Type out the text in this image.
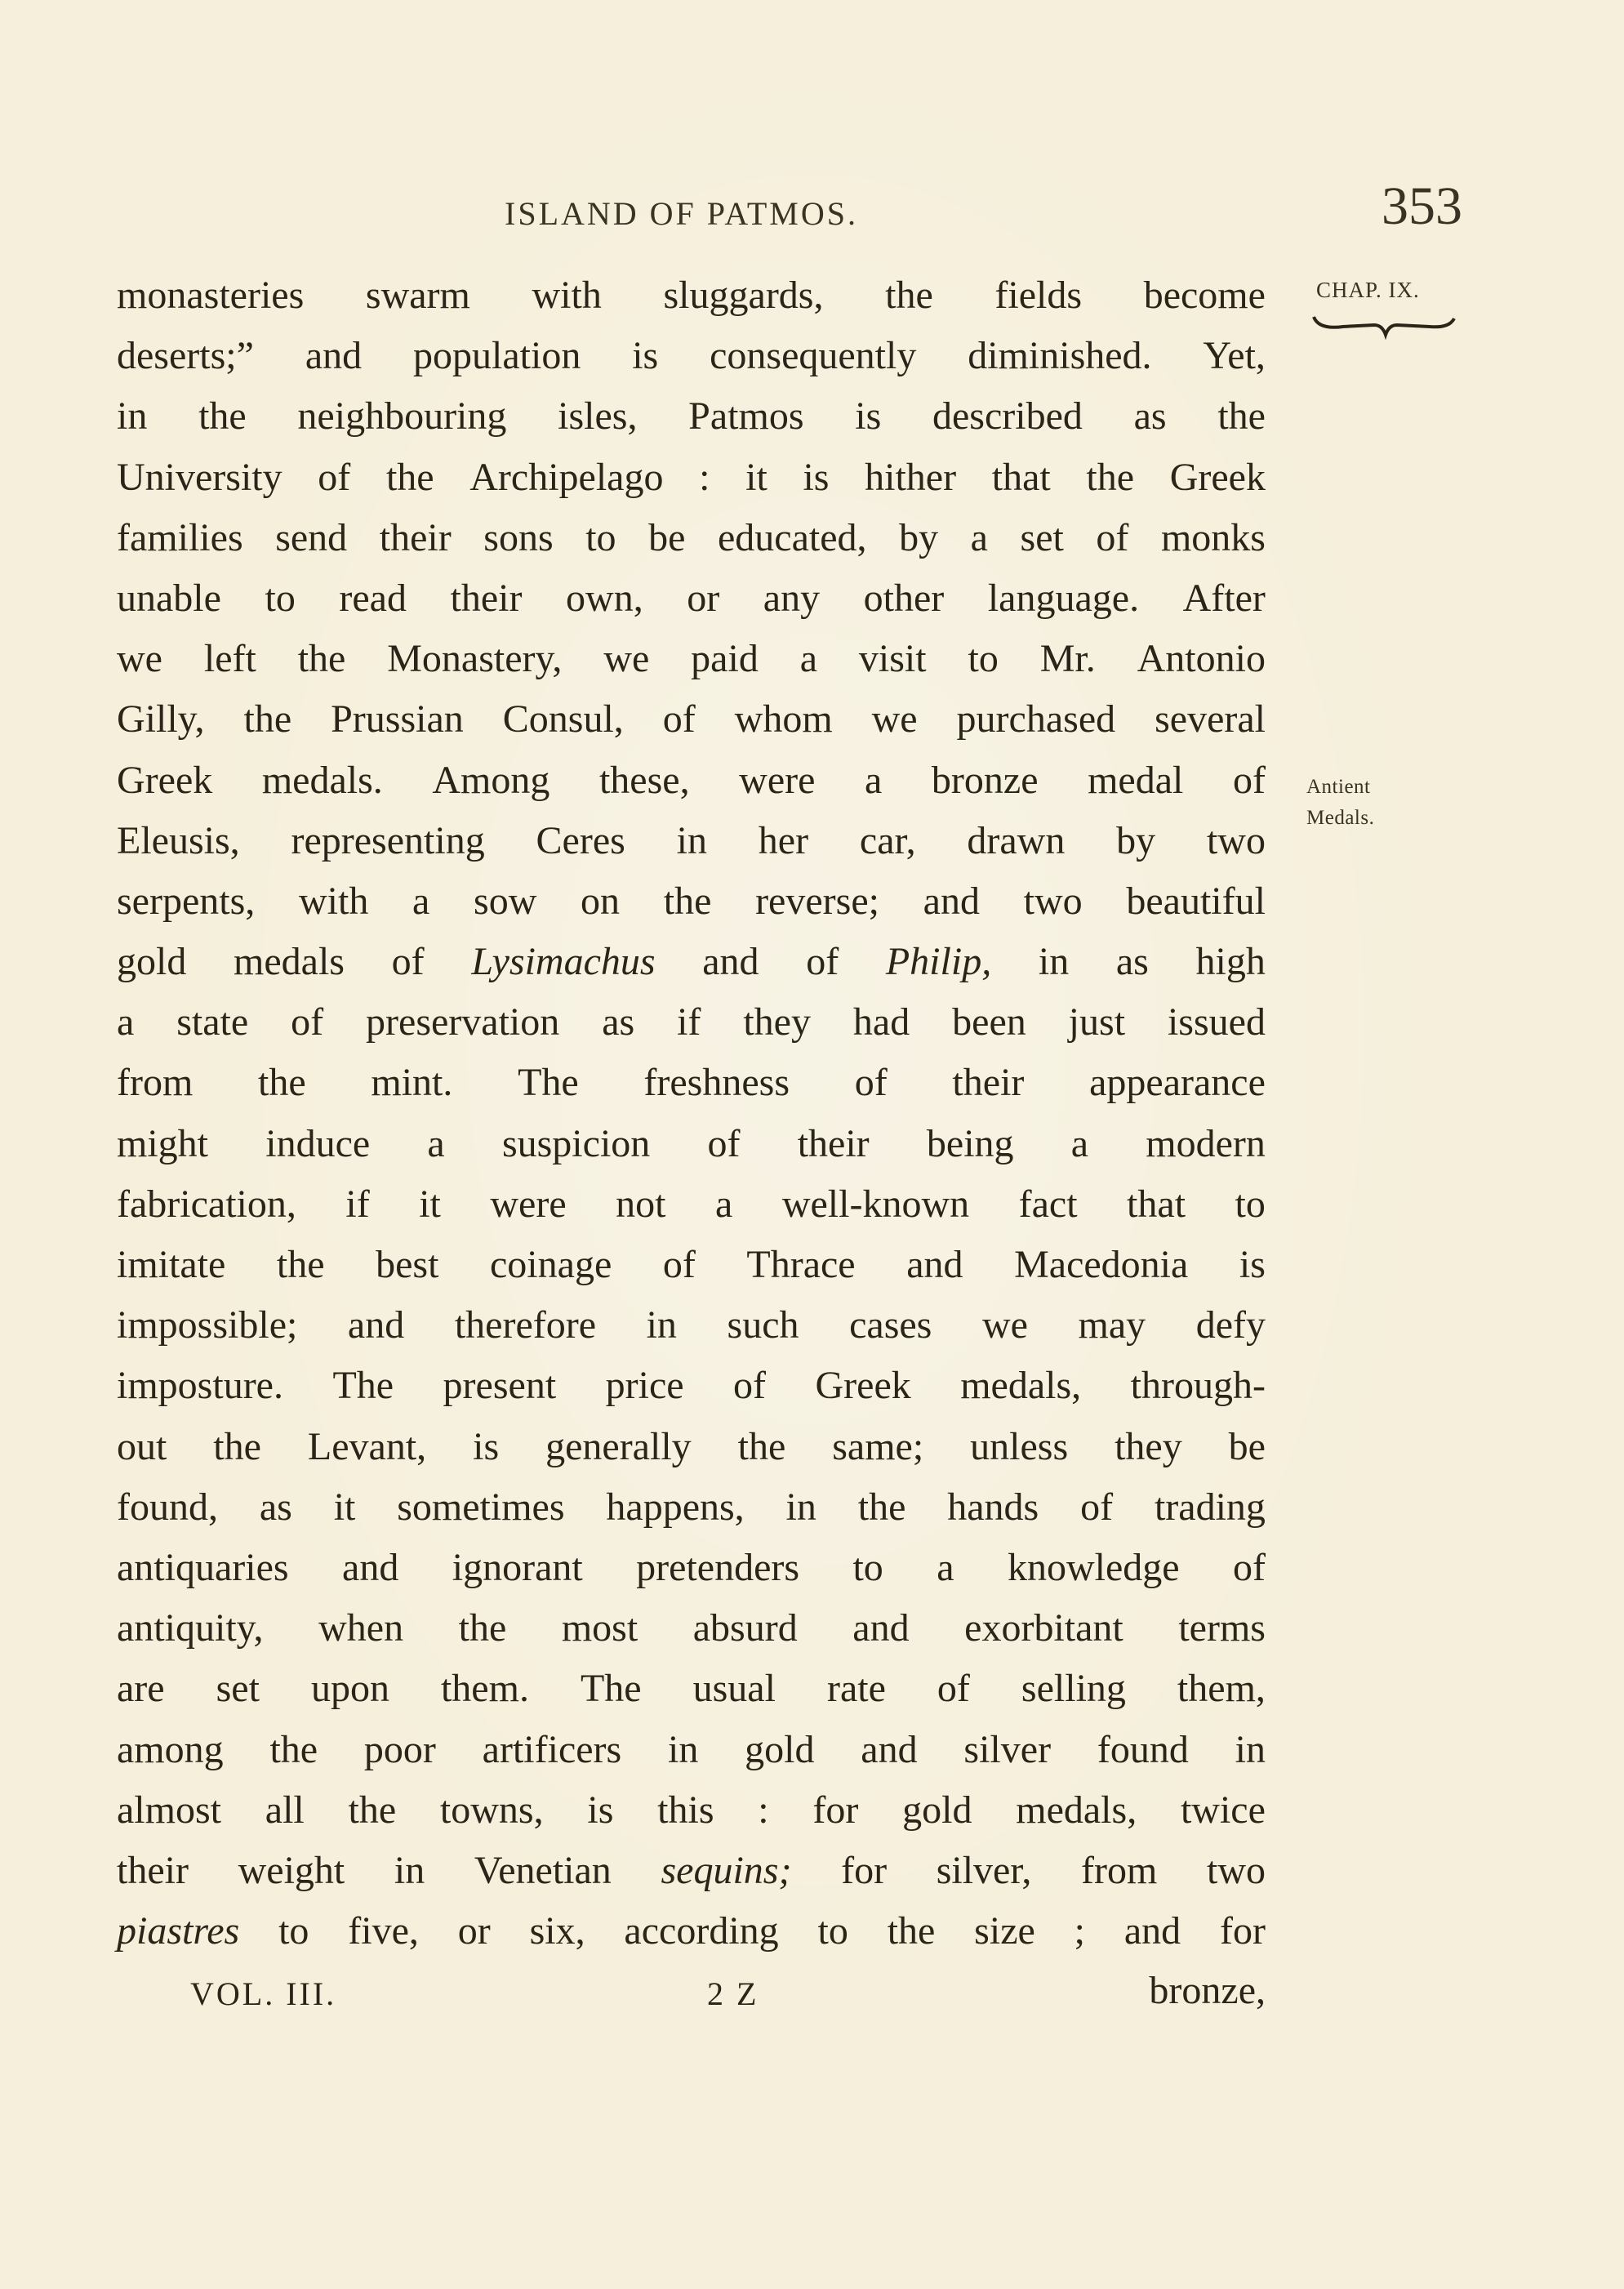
ISLAND OF PATMOS.	353
CHAP. IX.
Antient
Medals.
monasteries swarm with sluggards, the fields become
deserts;” and population is consequently diminished. Yet,
in the neighbouring isles, Patmos is described as the
University of the Archipelago : it is hither that the Greek
families send their sons to be educated, by a set of monks
unable to read their own, or any other language. After
we left the Monastery, we paid a visit to Mr. Antonio
Gilly, the Prussian Consul, of whom we purchased several
Greek medals. Among these, were a bronze medal of
Eleusis, representing Ceres in her car, drawn by two
serpents, with a sow on the reverse; and two beautiful
gold medals of Lysimachus and of Philip, in as high
a state of preservation as if they had been just issued
from the mint. The freshness of their appearance
might induce a suspicion of their being a modern
fabrication, if it were not a well-known fact that to
imitate the best coinage of Thrace and Macedonia is
impossible; and therefore in such cases we may defy
imposture. The present price of Greek medals, through-
out the Levant, is generally the same; unless they be
found, as it sometimes happens, in the hands of trading
antiquaries and ignorant pretenders to a knowledge of
antiquity, when the most absurd and exorbitant terms
are set upon them. The usual rate of selling them,
among the poor artificers in gold and silver found in
almost all the towns, is this : for gold medals, twice
their weight in Venetian sequins; for silver, from two
piastres to five, or six, according to the size ; and for
VOL. III.	2 Z	bronze,
